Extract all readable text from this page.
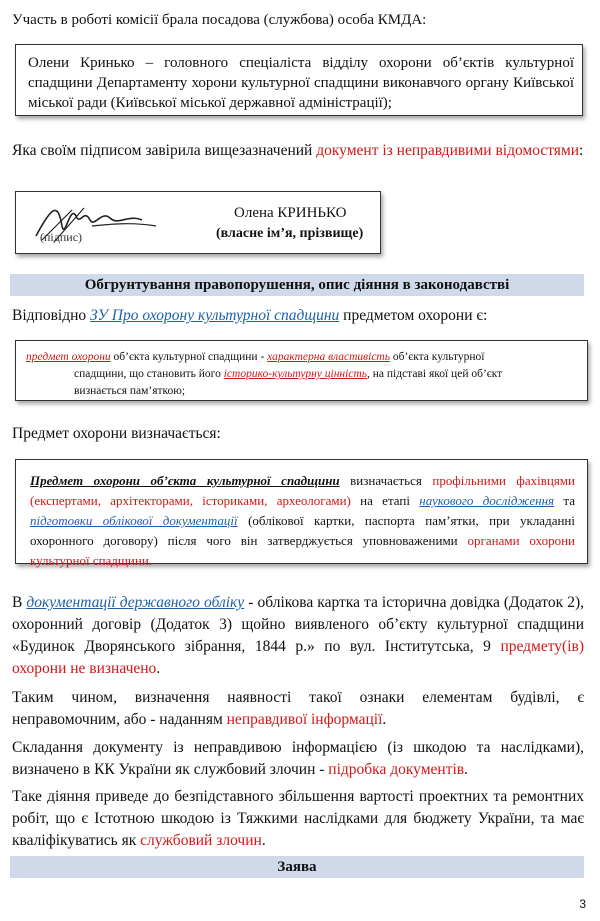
Участь в роботі комісії брала посадова (службова) особа КМДА:
Олени Кринько – головного спеціаліста відділу охорони об’єктів культурної спадщини Департаменту хорони культурної спадщини виконавчого органу Київської міської ради (Київської міської державної адміністрації);
Яка своїм підписом завірила вищезазначений документ із неправдивими відомостями:
(підпис)
Олена КРИНЬКО
(власне ім’я, прізвище)
Обгрунтування правопорушення, опис діяння в законодавстві
Відповідно ЗУ Про охорону культурної спадщини предметом охорони є:
предмет охорони об’єкта культурної спадщини - характерна властивість об’єкта культурної
спадщини, що становить його історико-культурну цінність, на підставі якої цей об’єкт
визнається пам’яткою;
Предмет охорони визначається:
Предмет охорони об’єкта культурної спадщини визначається профільними фахівцями (експертами, архітекторами, істориками, археологами) на етапі наукового дослідження та підготовки облікової документації (облікової картки, паспорта пам’ятки, при укладанні охоронного договору) після чого він затверджується уповноваженими органами охорони культурної спадщини.
В документації державного обліку - облікова картка та історична довідка (Додаток 2), охоронний договір (Додаток 3) щойно виявленого об’єкту культурної спадщини «Будинок Дворянського зібрання, 1844 р.» по вул. Інститутська, 9 предмету(ів) охорони не визначено.
Таким чином, визначення наявності такої ознаки елементам будівлі, є неправомочним, або - наданням неправдивої інформації.
Складання документу із неправдивою інформацією (із шкодою та наслідками), визначено в КК України як службовий злочин - підробка документів.
Таке діяння приведе до безпідставного збільшення вартості проектних та ремонтних робіт, що є Істотною шкодою із Тяжкими наслідками для бюджету України, та має кваліфікуватись як службовий злочин.
Заява
3
